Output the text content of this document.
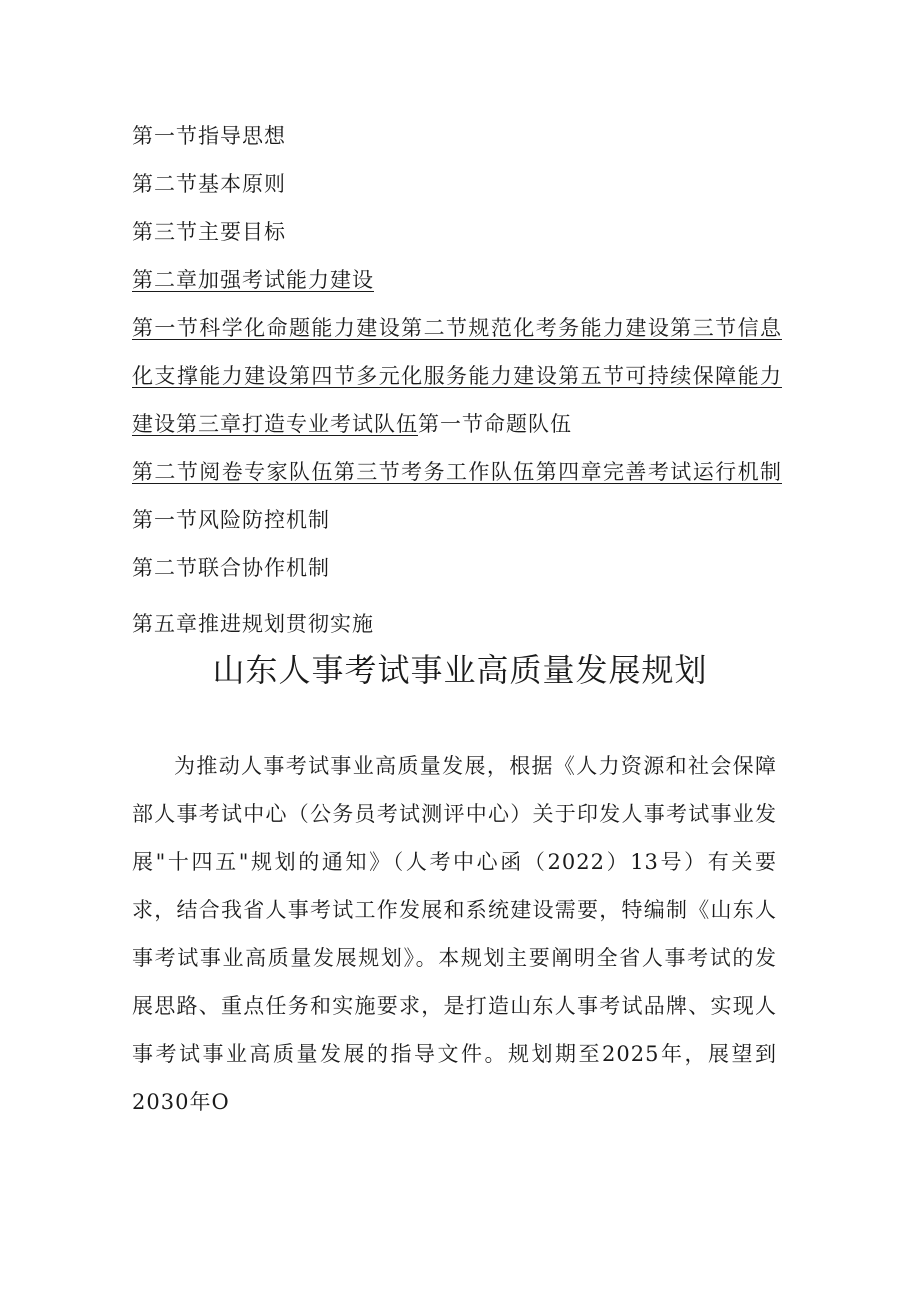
第一节指导思想
第二节基本原则
第三节主要目标
第二章加强考试能力建设
第一节科学化命题能力建设第二节规范化考务能力建设第三节信息化支撑能力建设第四节多元化服务能力建设第五节可持续保障能力建设第三章打造专业考试队伍第一节命题队伍
第二节阅卷专家队伍第三节考务工作队伍第四章完善考试运行机制第一节风险防控机制
第二节联合协作机制
第五章推进规划贯彻实施
山东人事考试事业高质量发展规划
为推动人事考试事业高质量发展，根据《人力资源和社会保障部人事考试中心（公务员考试测评中心）关于印发人事考试事业发展"十四五"规划的通知》（人考中心函（2022）13号）有关要求，结合我省人事考试工作发展和系统建设需要，特编制《山东人事考试事业高质量发展规划》。本规划主要阐明全省人事考试的发展思路、重点任务和实施要求，是打造山东人事考试品牌、实现人事考试事业高质量发展的指导文件。规划期至2025年，展望到2030年O
